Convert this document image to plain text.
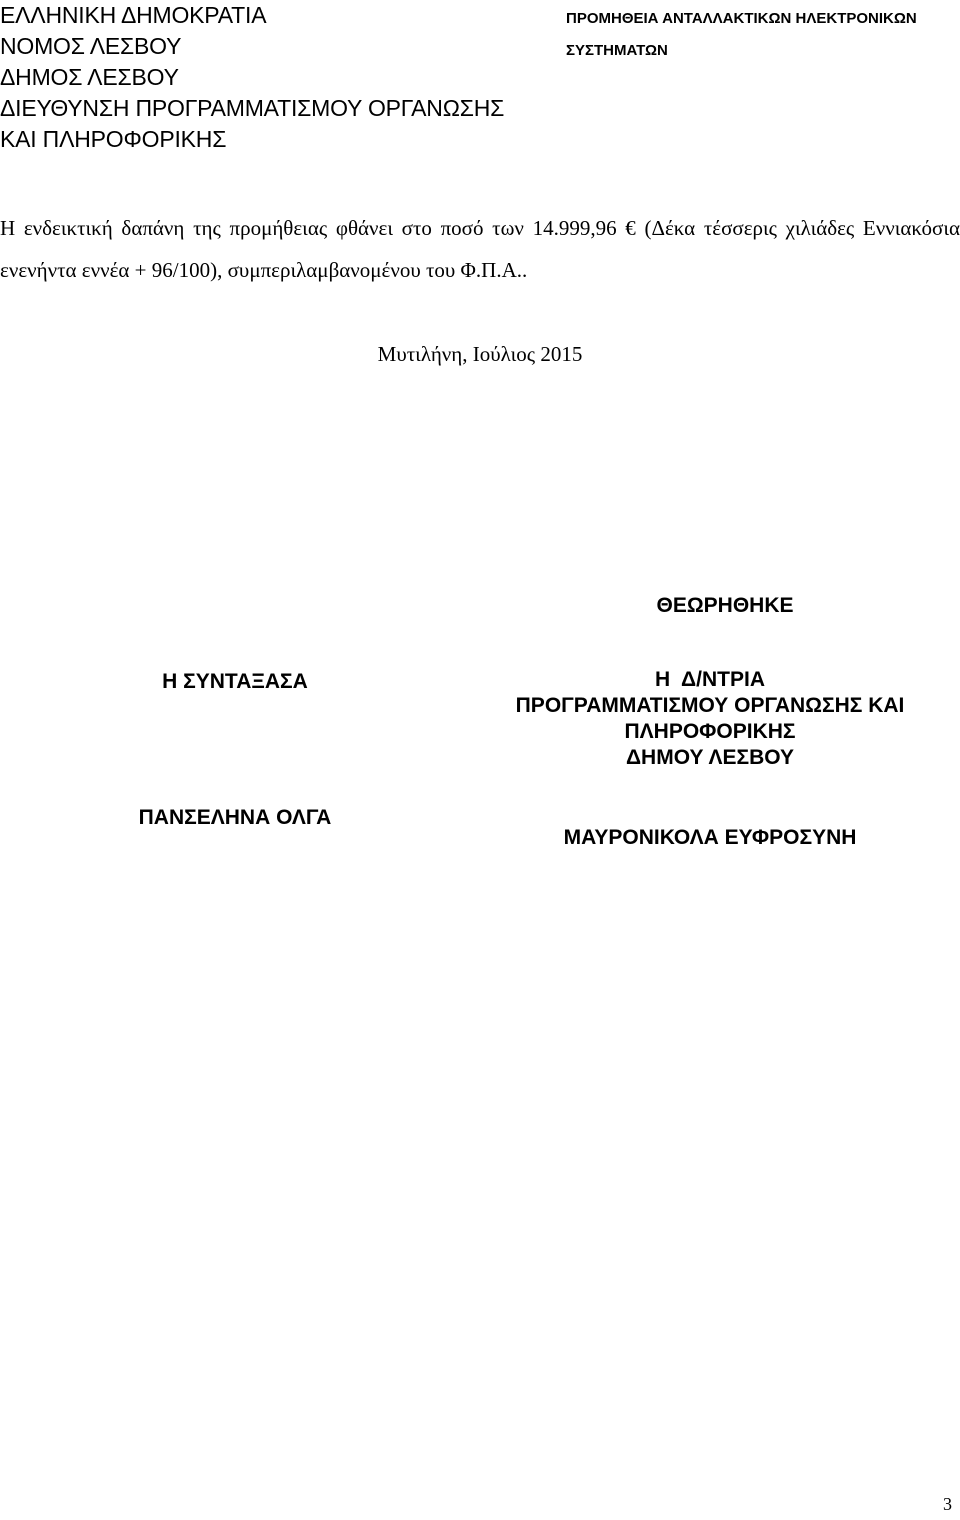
ΕΛΛΗΝΙΚΗ ΔΗΜΟΚΡΑΤΙΑ
ΝΟΜΟΣ ΛΕΣΒΟΥ
ΔΗΜΟΣ ΛΕΣΒΟΥ
ΔΙΕΥΘΥΝΣΗ ΠΡΟΓΡΑΜΜΑΤΙΣΜΟΥ ΟΡΓΑΝΩΣΗΣ
ΚΑΙ ΠΛΗΡΟΦΟΡΙΚΗΣ
ΠΡΟΜΗΘΕΙΑ ΑΝΤΑΛΛΑΚΤΙΚΩΝ ΗΛΕΚΤΡΟΝΙΚΩΝ
ΣΥΣΤΗΜΑΤΩΝ

Η ενδεικτική δαπάνη της προμήθειας φθάνει στο ποσό των 14.999,96 € (Δέκα τέσσερις χιλιάδες Εννιακόσια ενενήντα εννέα + 96/100), συμπεριλαμβανομένου του Φ.Π.Α..

Μυτιλήνη, Ιούλιος 2015
ΘΕΩΡΗΘΗΚΕ
Η ΣΥΝΤΑΞΑΣΑ
ΠΑΝΣΕΛΗΝΑ ΟΛΓΑ
Η  Δ/ΝΤΡΙΑ
ΠΡΟΓΡΑΜΜΑΤΙΣΜΟΥ ΟΡΓΑΝΩΣΗΣ ΚΑΙ
ΠΛΗΡΟΦΟΡΙΚΗΣ
ΔΗΜΟΥ ΛΕΣΒΟΥ
ΜΑΥΡΟΝΙΚΟΛΑ ΕΥΦΡΟΣΥΝΗ
3
